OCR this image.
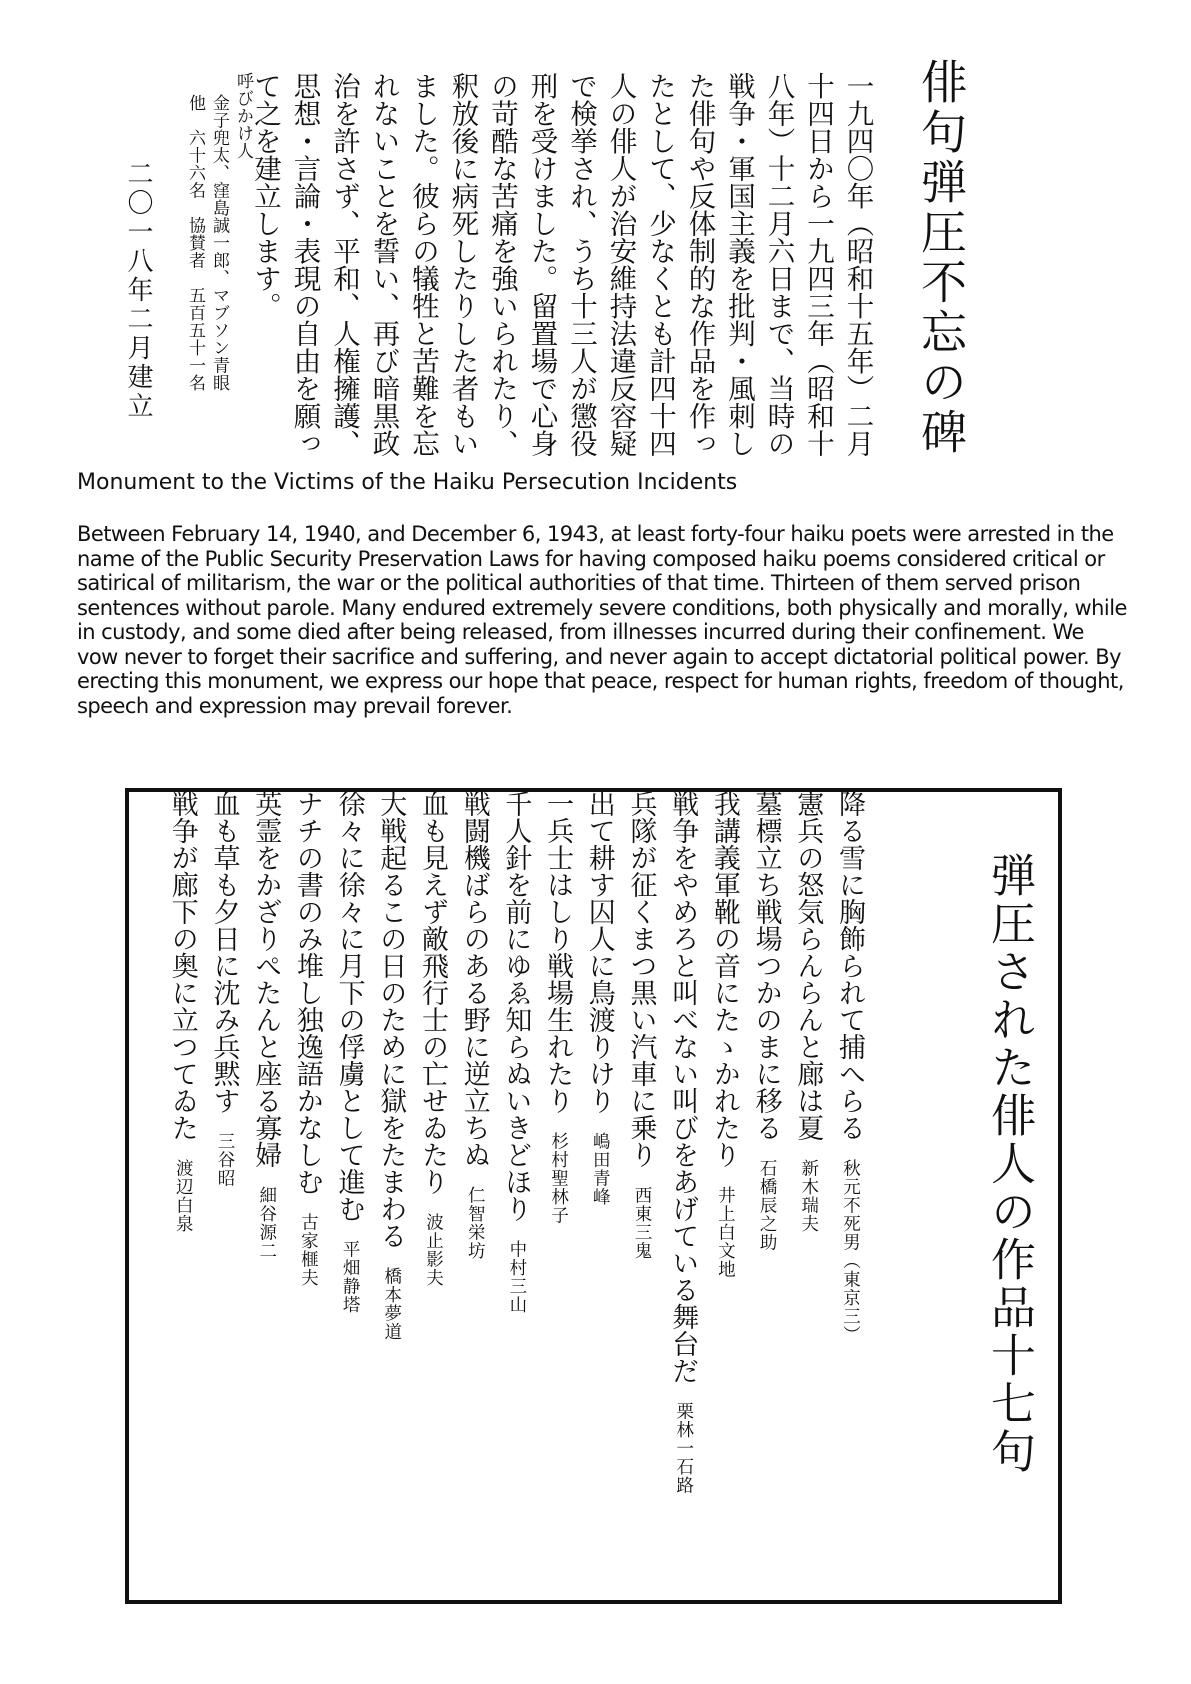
俳句弾圧不忘の碑
一九四〇年（昭和十五年）二月
十四日から一九四三年（昭和十
八年）十二月六日まで、当時の
戦争・軍国主義を批判・風刺し
た俳句や反体制的な作品を作っ
たとして、少なくとも計四十四
人の俳人が治安維持法違反容疑
で検挙され、うち十三人が懲役
刑を受けました。留置場で心身
の苛酷な苦痛を強いられたり、
釈放後に病死したりした者もい
ました。彼らの犠牲と苦難を忘
れないことを誓い、再び暗黒政
治を許さず、平和、人権擁護、
思想・言論・表現の自由を願っ
て之を建立します。
呼びかけ人
金子兜太、窪島誠一郎、マブソン青眼
他　六十六名　協賛者　五百五十一名
二〇一八年二月建立
Monument to the Victims of the Haiku Persecution Incidents

Between February 14, 1940, and December 6, 1943, at least forty-four haiku poets were arrested in the name of the Public Security Preservation Laws for having composed haiku poems considered critical or satirical of militarism, the war or the political authorities of that time. Thirteen of them served prison sentences without parole. Many endured extremely severe conditions, both physically and morally, while in custody, and some died after being released, from illnesses incurred during their confinement. We vow never to forget their sacrifice and suffering, and never again to accept dictatorial political power. By erecting this monument, we express our hope that peace, respect for human rights, freedom of thought, speech and expression may prevail forever.

弾圧された俳人の作品十七句
降る雪に胸飾られて捕へらる
秋元不死男（東京三）
憲兵の怒気らんらんと廊は夏
新木瑞夫
墓標立ち戦場つかのまに移る
石橋辰之助
我講義軍靴の音にたゝかれたり
井上白文地
戦争をやめろと叫べない叫びをあげている舞台だ
栗林一石路
兵隊が征くまつ黒い汽車に乗り
西東三鬼
出て耕す囚人に鳥渡りけり
嶋田青峰
一兵士はしり戦場生れたり
杉村聖林子
千人針を前にゆゑ知らぬいきどほり
中村三山
戦闘機ばらのある野に逆立ちぬ
仁智栄坊
血も見えず敵飛行士の亡せゐたり
波止影夫
大戦起るこの日のために獄をたまわる
橋本夢道
徐々に徐々に月下の俘虜として進む
平畑静塔
ナチの書のみ堆し独逸語かなしむ
古家榧夫
英霊をかざりぺたんと座る寡婦
細谷源二
血も草も夕日に沈み兵黙す
三谷昭
戦争が廊下の奥に立つてゐた
渡辺白泉
